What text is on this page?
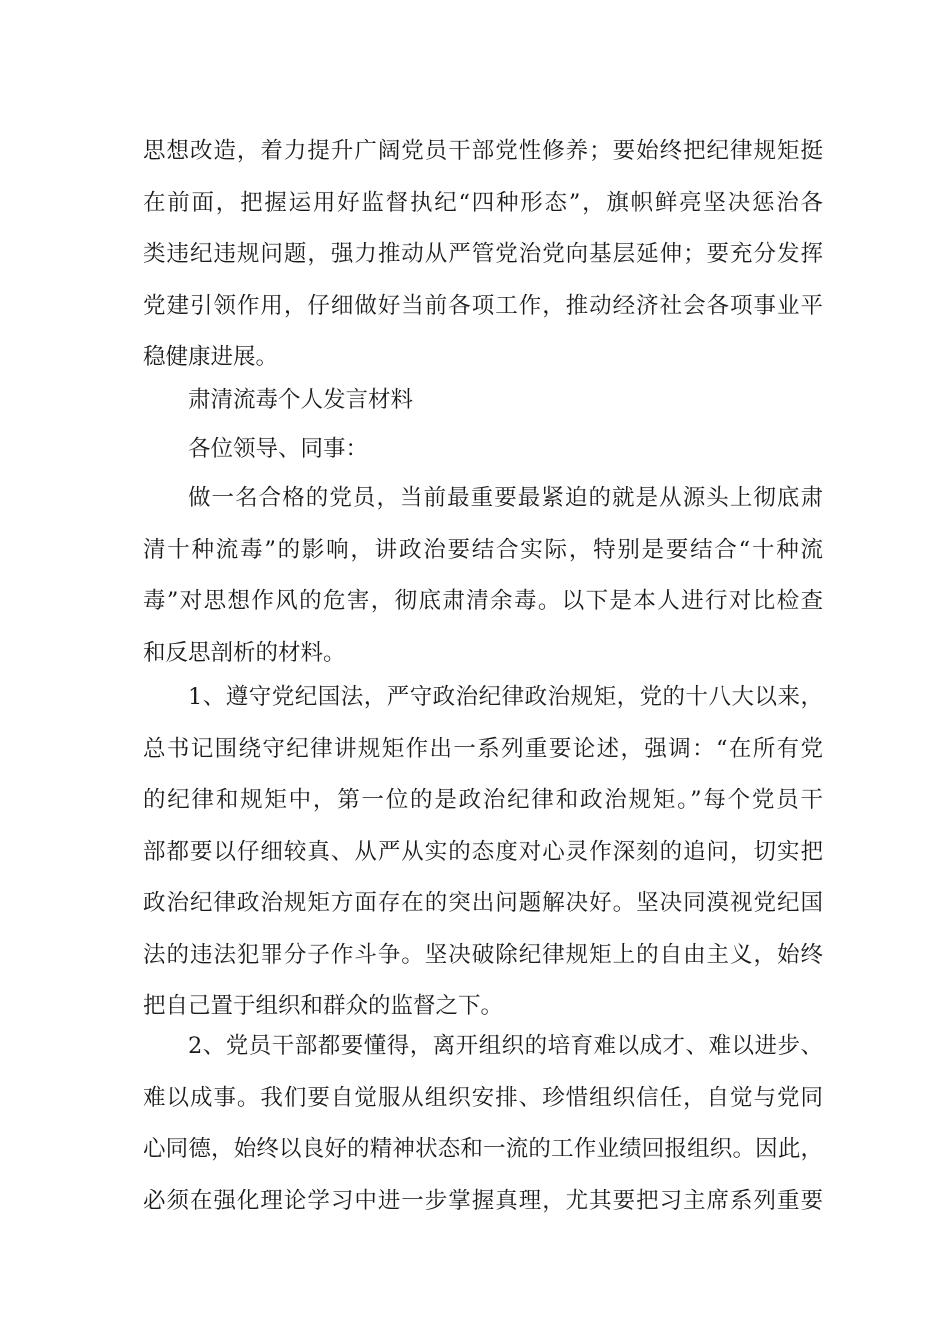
思想改造，着力提升广阔党员干部党性修养；要始终把纪律规矩挺
在前面，把握运用好监督执纪“四种形态”，旗帜鲜亮坚决惩治各
类违纪违规问题，强力推动从严管党治党向基层延伸；要充分发挥
党建引领作用，仔细做好当前各项工作，推动经济社会各项事业平
稳健康进展。
肃清流毒个人发言材料
各位领导、同事：
做一名合格的党员，当前最重要最紧迫的就是从源头上彻底肃
清十种流毒”的影响，讲政治要结合实际，特别是要结合“十种流
毒”对思想作风的危害，彻底肃清余毒。以下是本人进行对比检查
和反思剖析的材料。
1、遵守党纪国法，严守政治纪律政治规矩，党的十八大以来，
总书记围绕守纪律讲规矩作出一系列重要论述，强调：“在所有党
的纪律和规矩中，第一位的是政治纪律和政治规矩。”每个党员干
部都要以仔细较真、从严从实的态度对心灵作深刻的追问，切实把
政治纪律政治规矩方面存在的突出问题解决好。坚决同漠视党纪国
法的违法犯罪分子作斗争。坚决破除纪律规矩上的自由主义，始终
把自己置于组织和群众的监督之下。
2、党员干部都要懂得，离开组织的培育难以成才、难以进步、
难以成事。我们要自觉服从组织安排、珍惜组织信任，自觉与党同
心同德，始终以良好的精神状态和一流的工作业绩回报组织。因此，
必须在强化理论学习中进一步掌握真理，尤其要把习主席系列重要
